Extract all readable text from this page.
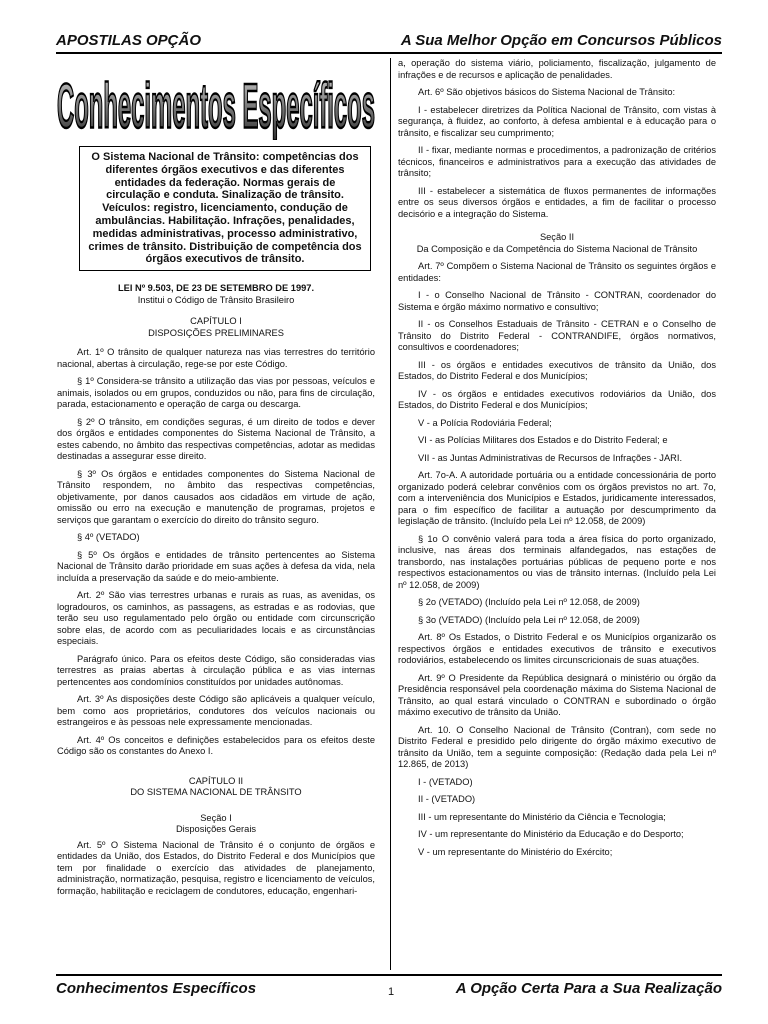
APOSTILAS OPÇÃO	A Sua Melhor Opção em Concursos Públicos
Conhecimentos Específicos
O Sistema Nacional de Trânsito: competências dos diferentes órgãos executivos e das diferentes entidades da federação. Normas gerais de circulação e conduta. Sinalização de trânsito. Veículos: registro, licenciamento, condução de ambulâncias. Habilitação. Infrações, penalidades, medidas administrativas, processo administrativo, crimes de trânsito. Distribuição de competência dos órgãos executivos de trânsito.

LEI Nº 9.503, DE 23 DE SETEMBRO DE 1997.

Institui o Código de Trânsito Brasileiro

CAPÍTULO I

DISPOSIÇÕES PRELIMINARES

Art. 1º O trânsito de qualquer natureza nas vias terrestres do território nacional, abertas à circulação, rege-se por este Código.

§ 1º Considera-se trânsito a utilização das vias por pessoas, veículos e animais, isolados ou em grupos, conduzidos ou não, para fins de circulação, parada, estacionamento e operação de carga ou descarga.

§ 2º O trânsito, em condições seguras, é um direito de todos e dever dos órgãos e entidades componentes do Sistema Nacional de Trânsito, a estes cabendo, no âmbito das respectivas competências, adotar as medidas destinadas a assegurar esse direito.

§ 3º Os órgãos e entidades componentes do Sistema Nacional de Trânsito respondem, no âmbito das respectivas competências, objetivamente, por danos causados aos cidadãos em virtude de ação, omissão ou erro na execução e manutenção de programas, projetos e serviços que garantam o exercício do direito do trânsito seguro.

§ 4º (VETADO)

§ 5º Os órgãos e entidades de trânsito pertencentes ao Sistema Nacional de Trânsito darão prioridade em suas ações à defesa da vida, nela incluída a preservação da saúde e do meio-ambiente.

Art. 2º São vias terrestres urbanas e rurais as ruas, as avenidas, os logradouros, os caminhos, as passagens, as estradas e as rodovias, que terão seu uso regulamentado pelo órgão ou entidade com circunscrição sobre elas, de acordo com as peculiaridades locais e as circunstâncias especiais.

Parágrafo único. Para os efeitos deste Código, são consideradas vias terrestres as praias abertas à circulação pública e as vias internas pertencentes aos condomínios constituídos por unidades autônomas.

Art. 3º As disposições deste Código são aplicáveis a qualquer veículo, bem como aos proprietários, condutores dos veículos nacionais ou estrangeiros e às pessoas nele expressamente mencionadas.

Art. 4º Os conceitos e definições estabelecidos para os efeitos deste Código são os constantes do Anexo I.

CAPÍTULO II

DO SISTEMA NACIONAL DE TRÂNSITO

Seção I

Disposições Gerais

Art. 5º O Sistema Nacional de Trânsito é o conjunto de órgãos e entidades da União, dos Estados, do Distrito Federal e dos Municípios que tem por finalidade o exercício das atividades de planejamento, administração, normatização, pesquisa, registro e licenciamento de veículos, formação, habilitação e reciclagem de condutores, educação, engenhari-

a, operação do sistema viário, policiamento, fiscalização, julgamento de infrações e de recursos e aplicação de penalidades.

Art. 6º São objetivos básicos do Sistema Nacional de Trânsito:

I - estabelecer diretrizes da Política Nacional de Trânsito, com vistas à segurança, à fluidez, ao conforto, à defesa ambiental e à educação para o trânsito, e fiscalizar seu cumprimento;

II - fixar, mediante normas e procedimentos, a padronização de critérios técnicos, financeiros e administrativos para a execução das atividades de trânsito;

III - estabelecer a sistemática de fluxos permanentes de informações entre os seus diversos órgãos e entidades, a fim de facilitar o processo decisório e a integração do Sistema.

Seção II

Da Composição e da Competência do Sistema Nacional de Trânsito

Art. 7º Compõem o Sistema Nacional de Trânsito os seguintes órgãos e entidades:

I - o Conselho Nacional de Trânsito - CONTRAN, coordenador do Sistema e órgão máximo normativo e consultivo;

II - os Conselhos Estaduais de Trânsito - CETRAN e o Conselho de Trânsito do Distrito Federal - CONTRANDIFE, órgãos normativos, consultivos e coordenadores;

III - os órgãos e entidades executivos de trânsito da União, dos Estados, do Distrito Federal e dos Municípios;

IV - os órgãos e entidades executivos rodoviários da União, dos Estados, do Distrito Federal e dos Municípios;

V - a Polícia Rodoviária Federal;

VI - as Polícias Militares dos Estados e do Distrito Federal; e

VII - as Juntas Administrativas de Recursos de Infrações - JARI.

Art. 7o-A. A autoridade portuária ou a entidade concessionária de porto organizado poderá celebrar convênios com os órgãos previstos no art. 7o, com a interveniência dos Municípios e Estados, juridicamente interessados, para o fim específico de facilitar a autuação por descumprimento da legislação de trânsito. (Incluído pela Lei nº 12.058, de 2009)

§ 1o O convênio valerá para toda a área física do porto organizado, inclusive, nas áreas dos terminais alfandegados, nas estações de transbordo, nas instalações portuárias públicas de pequeno porte e nos respectivos estacionamentos ou vias de trânsito internas. (Incluído pela Lei nº 12.058, de 2009)

§ 2o (VETADO) (Incluído pela Lei nº 12.058, de 2009)

§ 3o (VETADO) (Incluído pela Lei nº 12.058, de 2009)

Art. 8º Os Estados, o Distrito Federal e os Municípios organizarão os respectivos órgãos e entidades executivos de trânsito e executivos rodoviários, estabelecendo os limites circunscricionais de suas atuações.

Art. 9º O Presidente da República designará o ministério ou órgão da Presidência responsável pela coordenação máxima do Sistema Nacional de Trânsito, ao qual estará vinculado o CONTRAN e subordinado o órgão máximo executivo de trânsito da União.

Art. 10. O Conselho Nacional de Trânsito (Contran), com sede no Distrito Federal e presidido pelo dirigente do órgão máximo executivo de trânsito da União, tem a seguinte composição: (Redação dada pela Lei nº 12.865, de 2013)

I - (VETADO)

II - (VETADO)

III - um representante do Ministério da Ciência e Tecnologia;

IV - um representante do Ministério da Educação e do Desporto;

V - um representante do Ministério do Exército;

Conhecimentos Específicos	1	A Opção Certa Para a Sua Realização
